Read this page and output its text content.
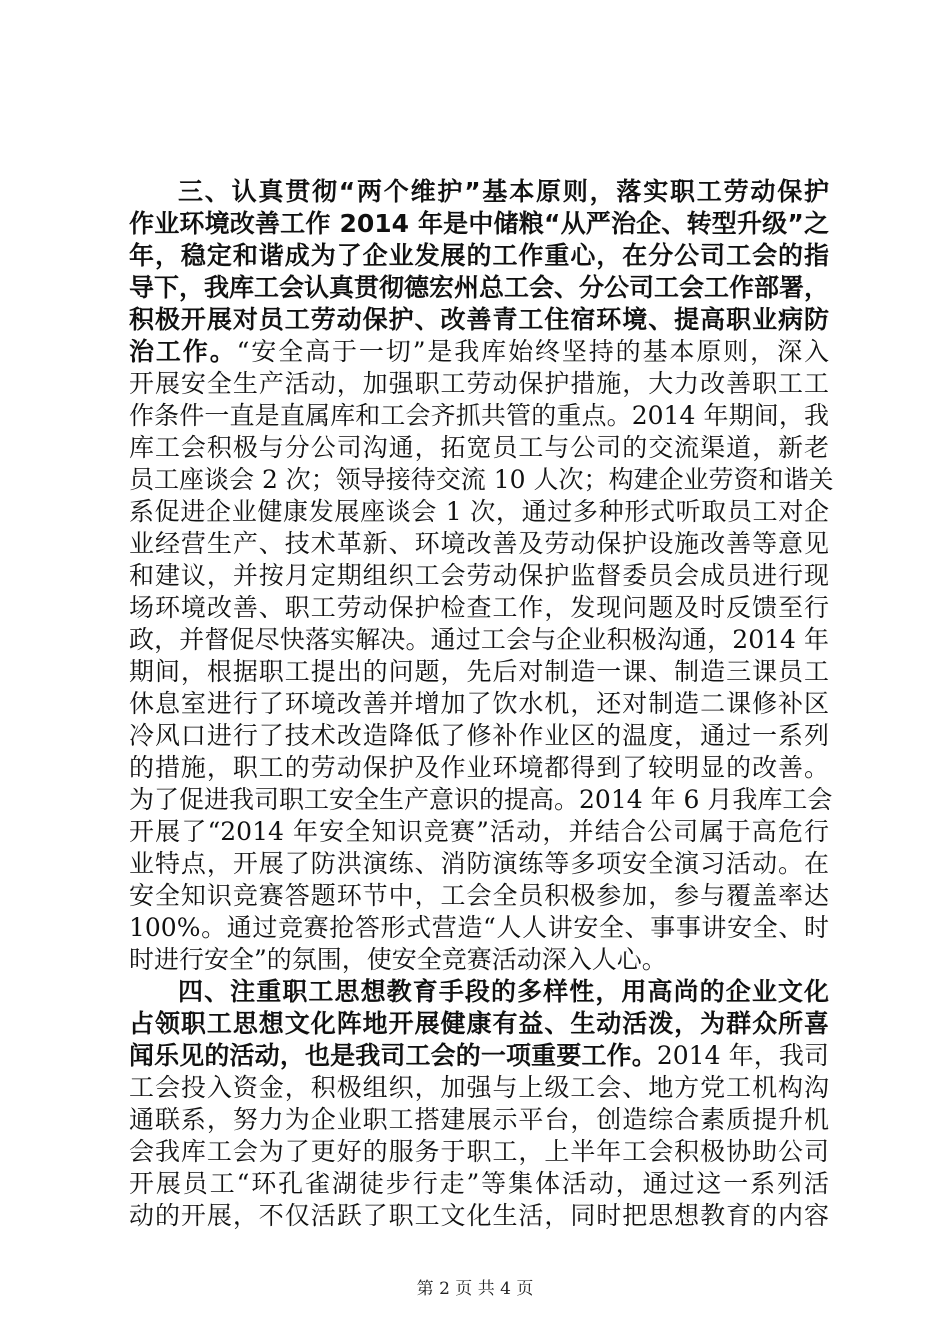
三、认真贯彻“两个维护”基本原则，落实职工劳动保护
作业环境改善工作 2014 年是中储粮“从严治企、转型升级”之
年，稳定和谐成为了企业发展的工作重心，在分公司工会的指
导下，我库工会认真贯彻德宏州总工会、分公司工会工作部署，
积极开展对员工劳动保护、改善青工住宿环境、提高职业病防
治工作。“安全高于一切”是我库始终坚持的基本原则，深入
开展安全生产活动，加强职工劳动保护措施，大力改善职工工
作条件一直是直属库和工会齐抓共管的重点。2014 年期间，我
库工会积极与分公司沟通，拓宽员工与公司的交流渠道，新老
员工座谈会 2 次；领导接待交流 10 人次；构建企业劳资和谐关
系促进企业健康发展座谈会 1 次，通过多种形式听取员工对企
业经营生产、技术革新、环境改善及劳动保护设施改善等意见
和建议，并按月定期组织工会劳动保护监督委员会成员进行现
场环境改善、职工劳动保护检查工作，发现问题及时反馈至行
政，并督促尽快落实解决。通过工会与企业积极沟通，2014 年
期间，根据职工提出的问题，先后对制造一课、制造三课员工
休息室进行了环境改善并增加了饮水机，还对制造二课修补区
冷风口进行了技术改造降低了修补作业区的温度，通过一系列
的措施，职工的劳动保护及作业环境都得到了较明显的改善。
为了促进我司职工安全生产意识的提高。2014 年 6 月我库工会
开展了“2014 年安全知识竞赛”活动，并结合公司属于高危行
业特点，开展了防洪演练、消防演练等多项安全演习活动。在
安全知识竞赛答题环节中，工会全员积极参加，参与覆盖率达
100%。通过竞赛抢答形式营造“人人讲安全、事事讲安全、时
时进行安全”的氛围，使安全竞赛活动深入人心。
四、注重职工思想教育手段的多样性，用高尚的企业文化
占领职工思想文化阵地开展健康有益、生动活泼，为群众所喜
闻乐见的活动，也是我司工会的一项重要工作。2014 年，我司
工会投入资金，积极组织，加强与上级工会、地方党工机构沟
通联系，努力为企业职工搭建展示平台，创造综合素质提升机
第 2 页 共 4 页
会我库工会为了更好的服务于职工，上半年工会积极协助公司
开展员工“环孔雀湖徒步行走”等集体活动，通过这一系列活
动的开展，不仅活跃了职工文化生活，同时把思想教育的内容
